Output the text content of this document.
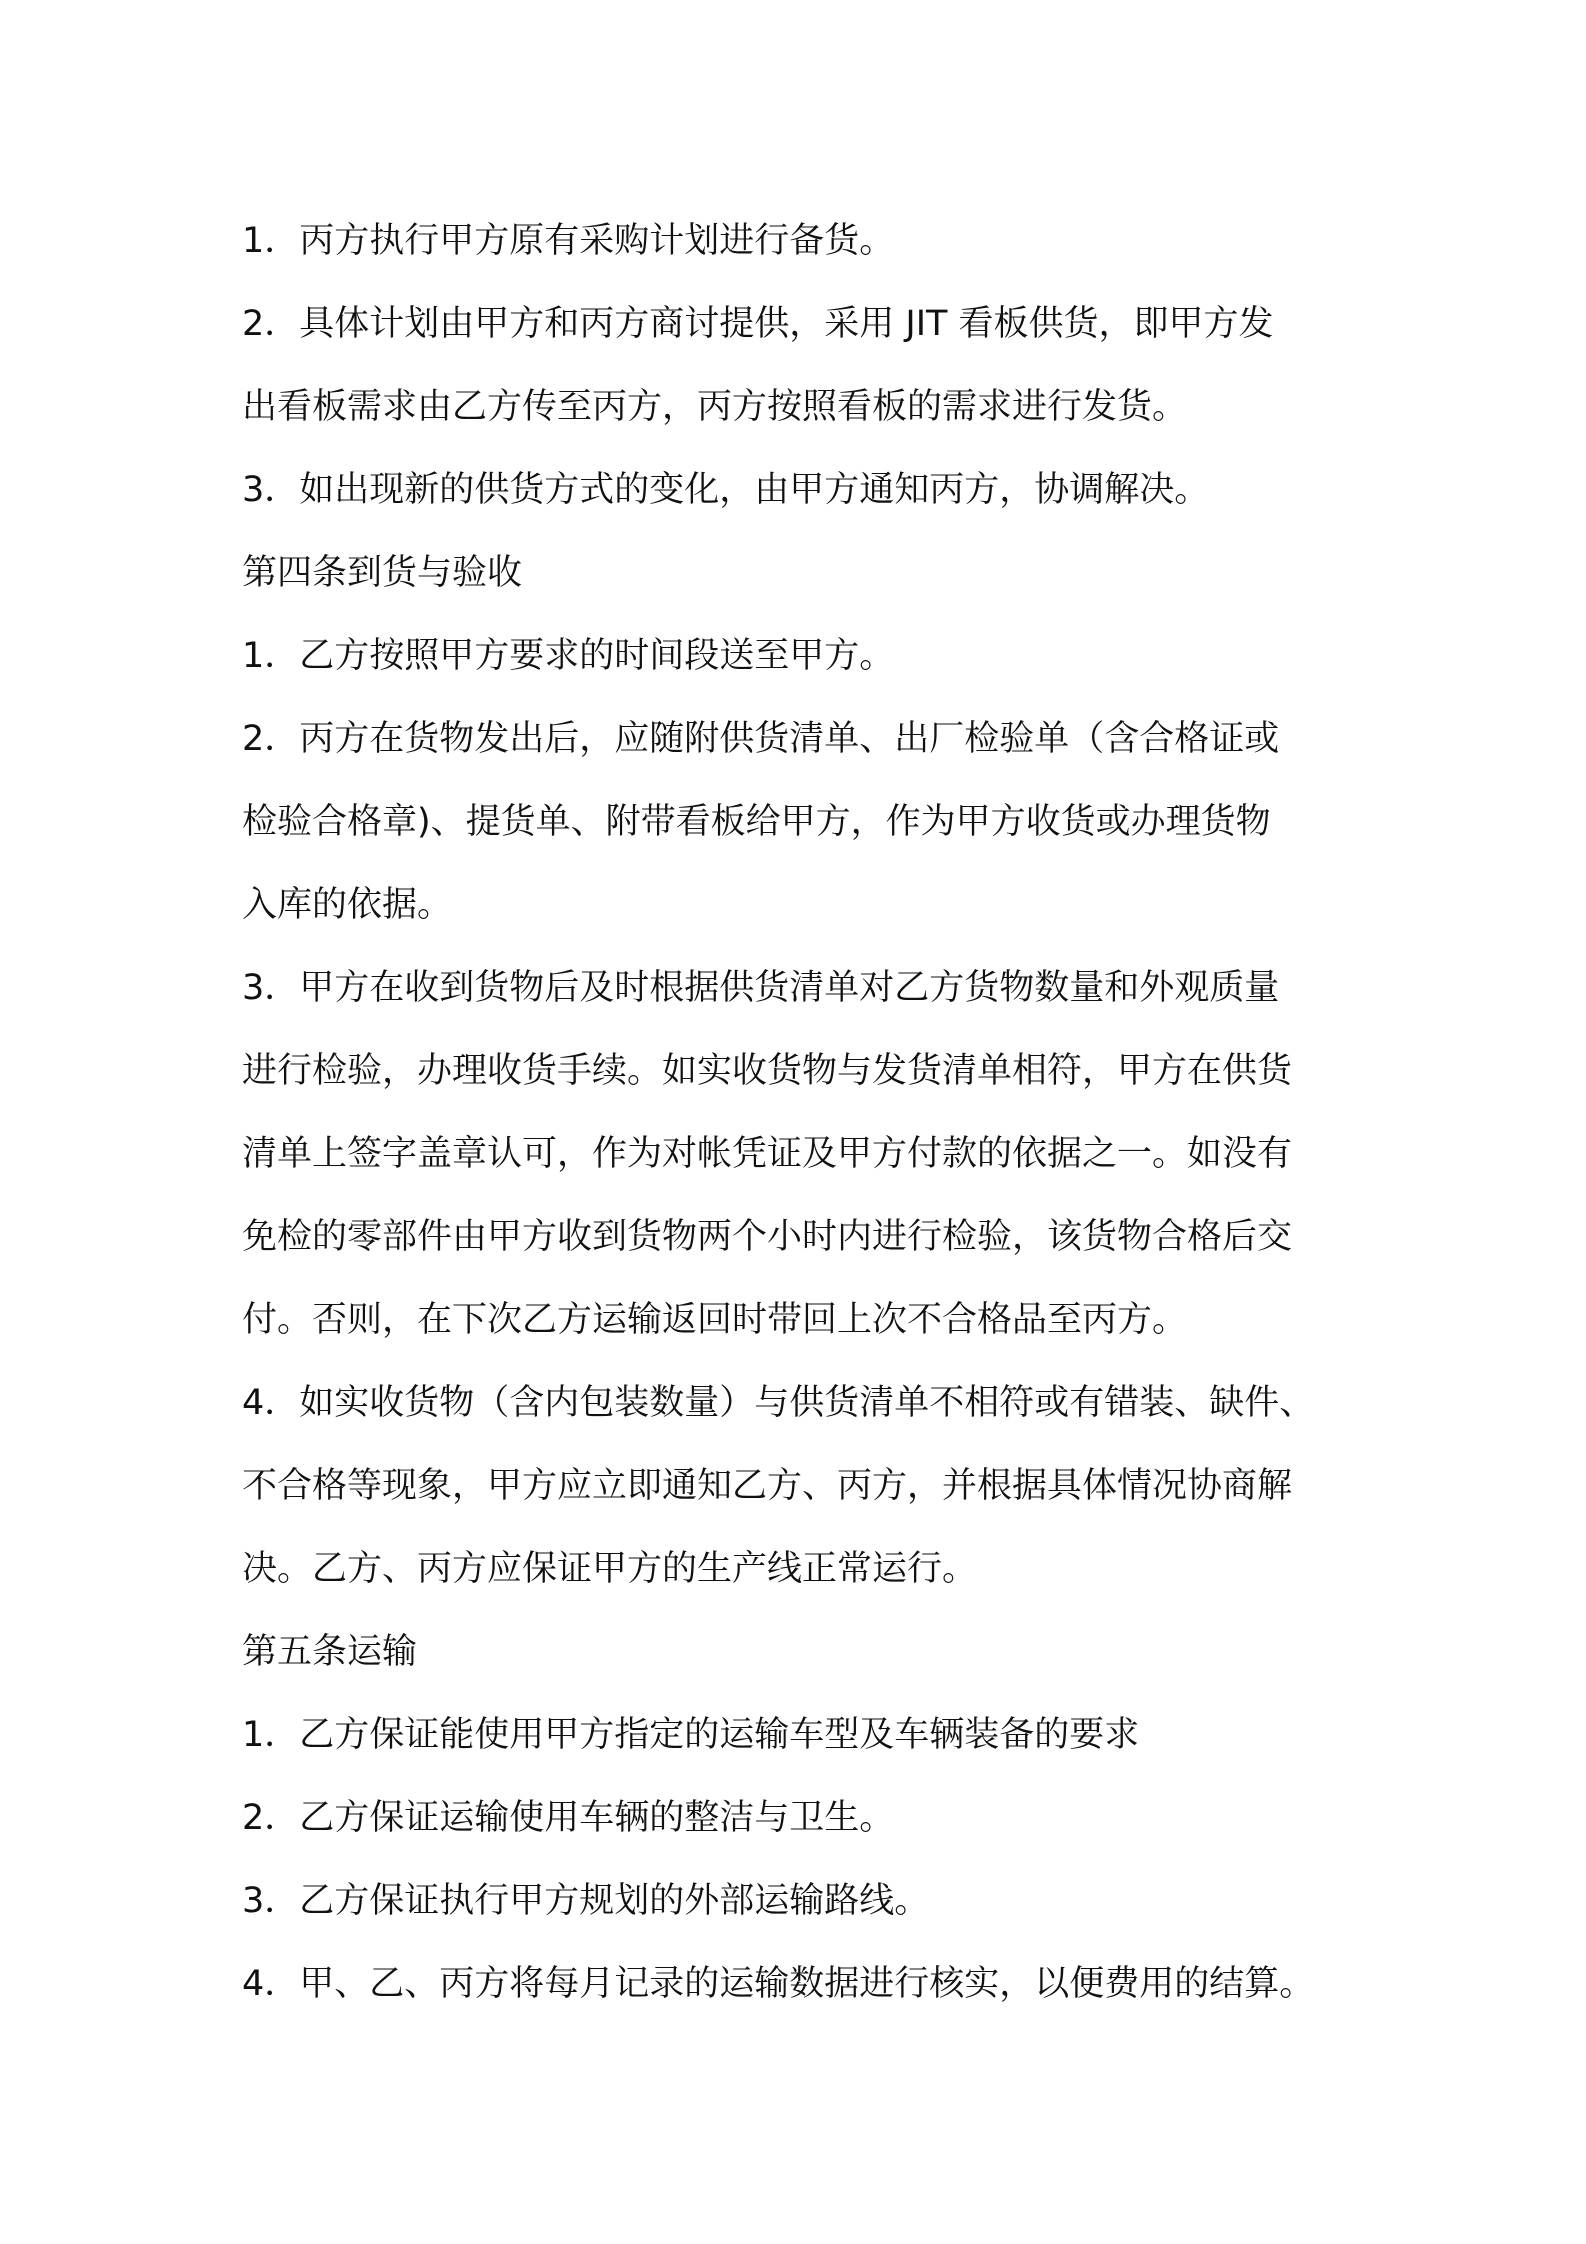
1．丙方执行甲方原有采购计划进行备货。
2．具体计划由甲方和丙方商讨提供，采用 JIT 看板供货，即甲方发
出看板需求由乙方传至丙方，丙方按照看板的需求进行发货。
3．如出现新的供货方式的变化，由甲方通知丙方，协调解决。
第四条到货与验收
1．乙方按照甲方要求的时间段送至甲方。
2．丙方在货物发出后，应随附供货清单、出厂检验单（含合格证或
检验合格章)、提货单、附带看板给甲方，作为甲方收货或办理货物
入库的依据。
3．甲方在收到货物后及时根据供货清单对乙方货物数量和外观质量
进行检验，办理收货手续。如实收货物与发货清单相符，甲方在供货
清单上签字盖章认可，作为对帐凭证及甲方付款的依据之一。如没有
免检的零部件由甲方收到货物两个小时内进行检验，该货物合格后交
付。否则，在下次乙方运输返回时带回上次不合格品至丙方。
4．如实收货物（含内包装数量）与供货清单不相符或有错装、缺件、
不合格等现象，甲方应立即通知乙方、丙方，并根据具体情况协商解
决。乙方、丙方应保证甲方的生产线正常运行。
第五条运输
1．乙方保证能使用甲方指定的运输车型及车辆装备的要求
2．乙方保证运输使用车辆的整洁与卫生。
3．乙方保证执行甲方规划的外部运输路线。
4．甲、乙、丙方将每月记录的运输数据进行核实，以便费用的结算。
